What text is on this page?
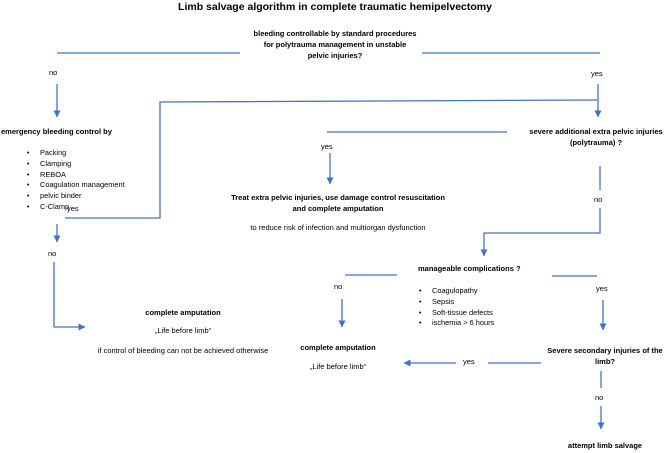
Limb salvage algorithm in complete traumatic hemipelvectomy
bleeding controllable by standard procedures
for polytrauma management in unstable
pelvic injuries?
no	yes
emergency bleeding control by
• Packing
• Clamping
• REBOA
• Coagulation management
• pelvic binder
• C-Clamp
yes
no
complete amputation
„Life before limb“
if control of bleeding can not be achieved otherwise
severe additional extra pelvic injuries
(polytrauma) ?
yes
no
Treat extra pelvic injuries, use damage control resuscitation
and complete amputation
to reduce risk of infection and multiorgan dysfunction
manageable complications ?
• Coagulopathy
• Sepsis
• Soft-tissue defects
• ischemia > 6 hours
no	yes
complete amputation
„Life before limb“
Severe secondary injuries of the
limb?
yes
no
attempt limb salvage
